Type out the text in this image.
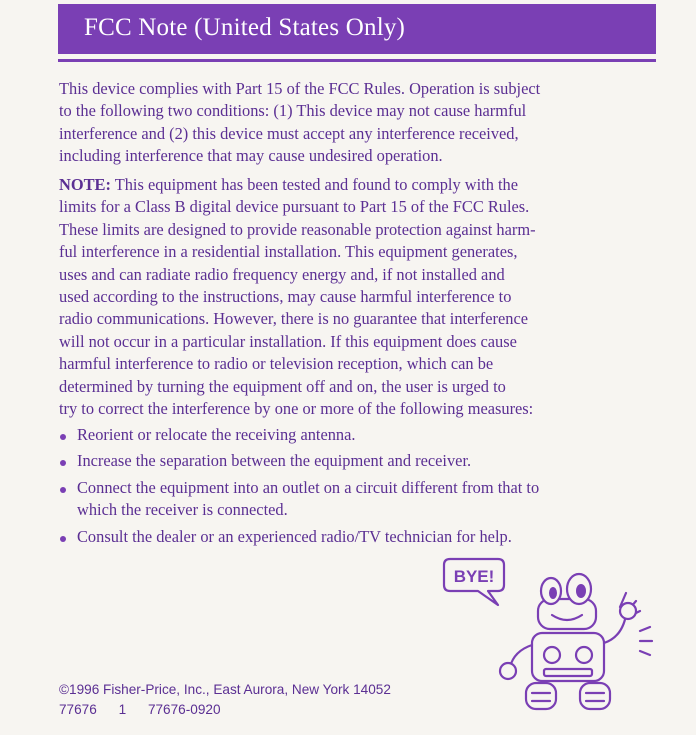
FCC Note (United States Only)
This device complies with Part 15 of the FCC Rules. Operation is subject
to the following two conditions: (1) This device may not cause harmful
interference and (2) this device must accept any interference received,
including interference that may cause undesired operation.
NOTE: This equipment has been tested and found to comply with the
limits for a Class B digital device pursuant to Part 15 of the FCC Rules.
These limits are designed to provide reasonable protection against harm-
ful interference in a residential installation. This equipment generates,
uses and can radiate radio frequency energy and, if not installed and
used according to the instructions, may cause harmful interference to
radio communications. However, there is no guarantee that interference
will not occur in a particular installation. If this equipment does cause
harmful interference to radio or television reception, which can be
determined by turning the equipment off and on, the user is urged to
try to correct the interference by one or more of the following measures:
Reorient or relocate the receiving antenna.
Increase the separation between the equipment and receiver.
Connect the equipment into an outlet on a circuit different from that to
which the receiver is connected.
Consult the dealer or an experienced radio/TV technician for help.
BYE!
©1996 Fisher-Price, Inc., East Aurora, New York 14052
77676 1 77676-0920
